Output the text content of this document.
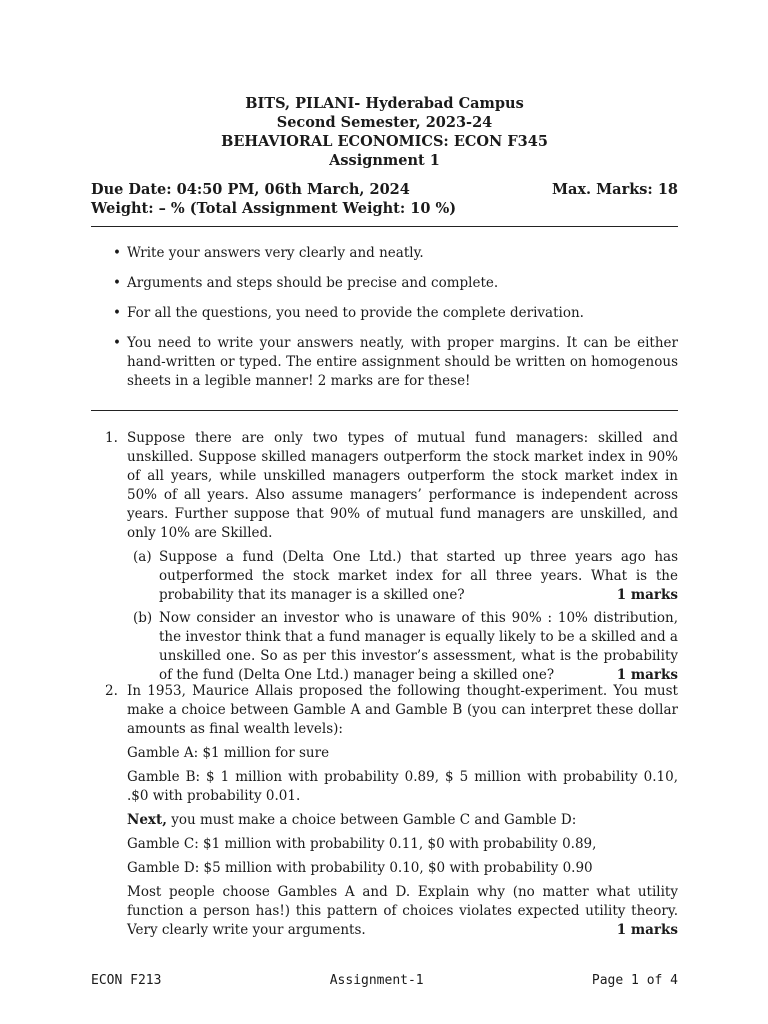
BITS, PILANI- Hyderabad Campus
Second Semester, 2023-24
BEHAVIORAL ECONOMICS: ECON F345
Assignment 1
Due Date: 04:50 PM, 06th March, 2024	Max. Marks: 18
Weight: – % (Total Assignment Weight: 10 %)
• Write your answers very clearly and neatly.
• Arguments and steps should be precise and complete.
• For all the questions, you need to provide the complete derivation.
• You need to write your answers neatly, with proper margins. It can be either hand-written or typed. The entire assignment should be written on homogenous sheets in a legible manner! 2 marks are for these!
1. Suppose there are only two types of mutual fund managers: skilled and unskilled. Suppose skilled managers outperform the stock market index in 90% of all years, while unskilled managers outperform the stock market index in 50% of all years. Also assume managers’ performance is independent across years. Further suppose that 90% of mutual fund managers are unskilled, and only 10% are Skilled.

(a) Suppose a fund (Delta One Ltd.) that started up three years ago has outperformed the stock market index for all three years. What is the probability that its manager is a skilled one?	1 marks
(b) Now consider an investor who is unaware of this 90% : 10% distribution, the investor think that a fund manager is equally likely to be a skilled and a unskilled one. So as per this investor’s assessment, what is the probability of the fund (Delta One Ltd.) manager being a skilled one?	1 marks
2. In 1953, Maurice Allais proposed the following thought-experiment. You must make a choice between Gamble A and Gamble B (you can interpret these dollar amounts as final wealth levels):

Gamble A: $1 million for sure

Gamble B: $ 1 million with probability 0.89, $ 5 million with probability 0.10, .$0 with probability 0.01.

Next, you must make a choice between Gamble C and Gamble D:

Gamble C: $1 million with probability 0.11, $0 with probability 0.89,

Gamble D: $5 million with probability 0.10, $0 with probability 0.90

Most people choose Gambles A and D. Explain why (no matter what utility function a person has!) this pattern of choices violates expected utility theory. Very clearly write your arguments.	1 marks

ECON F213	Assignment-1	Page 1 of 4
